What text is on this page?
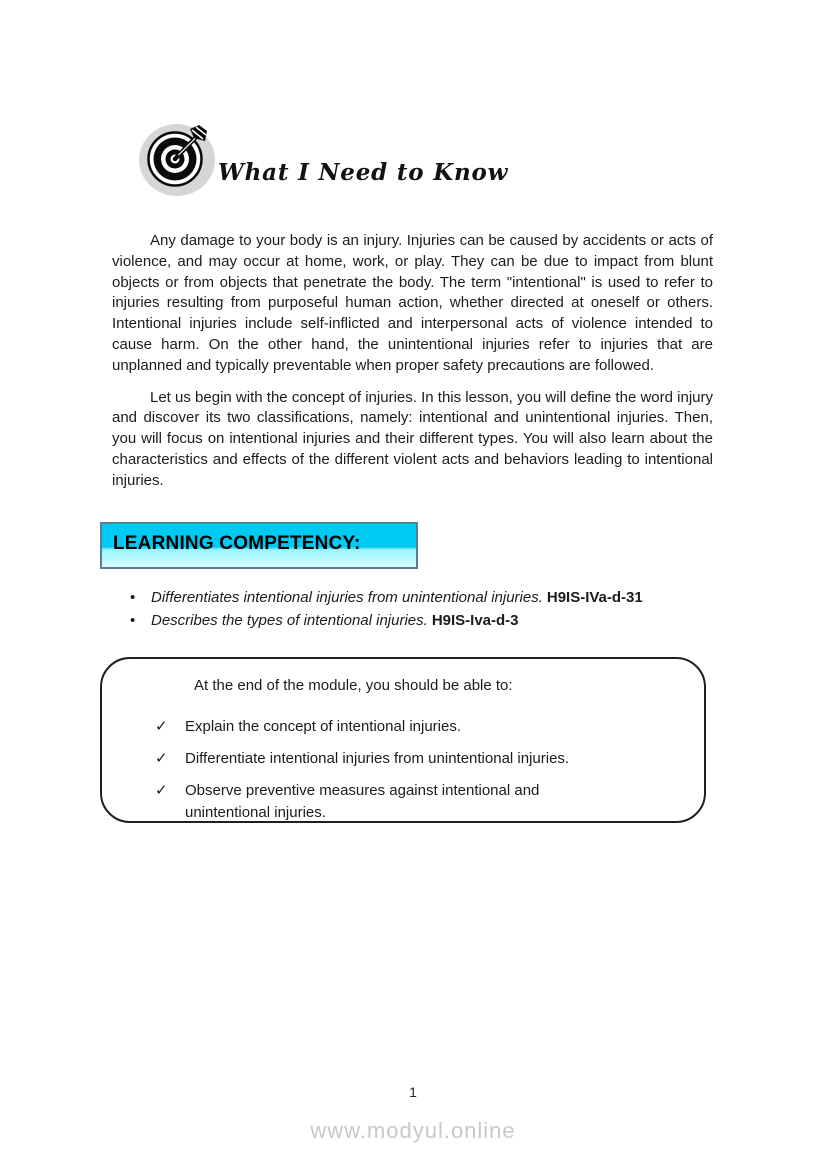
What I Need to Know

Any damage to your body is an injury. Injuries can be caused by accidents or acts of violence, and may occur at home, work, or play. They can be due to impact from blunt objects or from objects that penetrate the body. The term "intentional" is used to refer to injuries resulting from purposeful human action, whether directed at oneself or others. Intentional injuries include self-inflicted and interpersonal acts of violence intended to cause harm. On the other hand, the unintentional injuries refer to injuries that are unplanned and typically preventable when proper safety precautions are followed.

Let us begin with the concept of injuries. In this lesson, you will define the word injury and discover its two classifications, namely: intentional and unintentional injuries. Then, you will focus on intentional injuries and their different types. You will also learn about the characteristics and effects of the different violent acts and behaviors leading to intentional injuries.

LEARNING COMPETENCY:
• Differentiates intentional injuries from unintentional injuries. H9IS-IVa-d-31
• Describes the types of intentional injuries. H9IS-Iva-d-3

At the end of the module, you should be able to:

✓ Explain the concept of intentional injuries.
✓ Differentiate intentional injuries from unintentional injuries.
✓ Observe preventive measures against intentional and unintentional injuries.
1
www.modyul.online
